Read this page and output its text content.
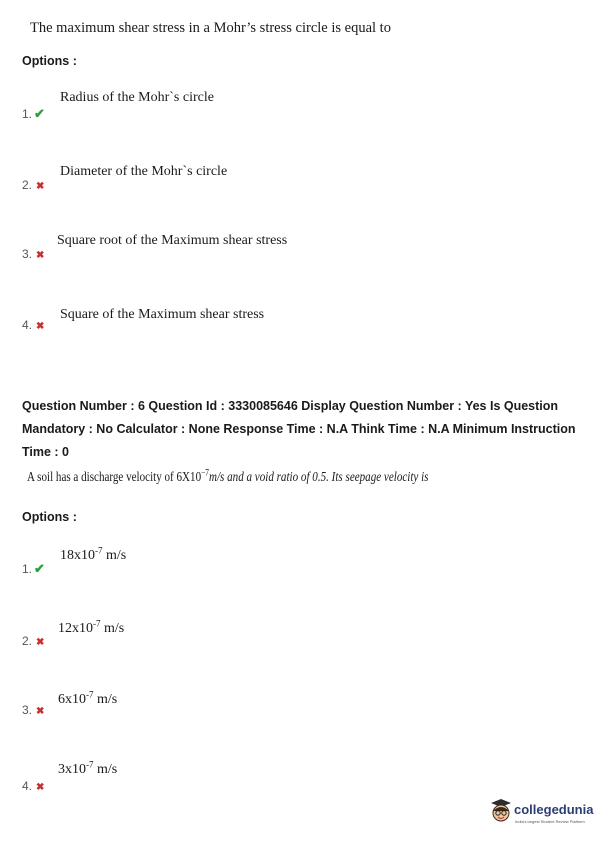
The maximum shear stress in a Mohr’s stress circle is equal to
Options :
Radius of the Mohr`s circle
1. ✔
Diameter of the Mohr`s circle
2. ✖
Square root of the Maximum shear stress
3. ✖
Square of the Maximum shear stress
4. ✖
Question Number : 6 Question Id : 3330085646 Display Question Number : Yes Is Question
Mandatory : No Calculator : None Response Time : N.A Think Time : N.A Minimum Instruction
Time : 0
A soil has a discharge velocity of $6X10^{-7}m/s$ and a void ratio of 0.5. Its seepage velocity is
Options :
$18x10^{-7}$ m/s
1. ✔
$12x10^{-7}$ m/s
2. ✖
$6x10^{-7}$ m/s
3. ✖
$3x10^{-7}$ m/s
4. ✖
collegedunia
India's largest Student Review Platform
